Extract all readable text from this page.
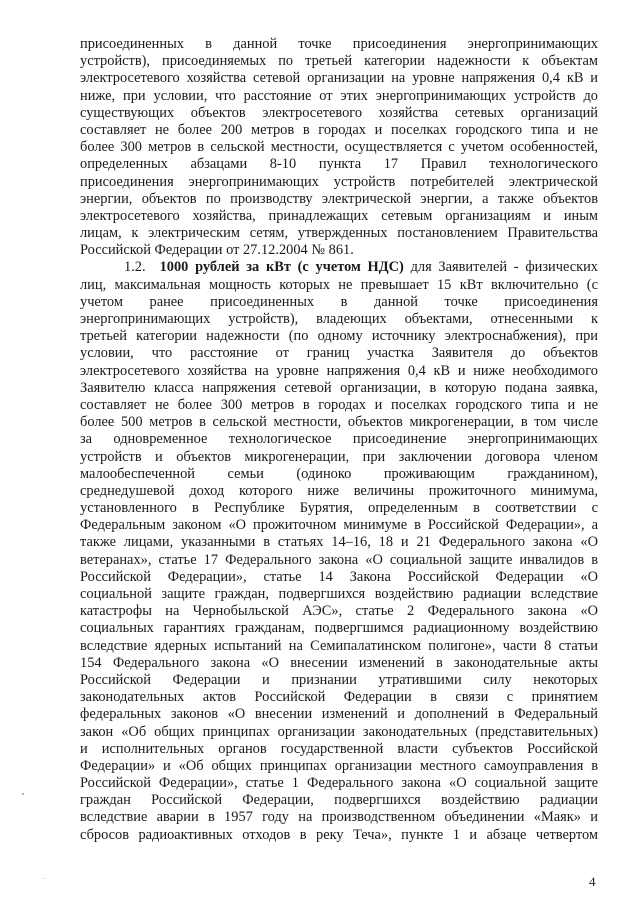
присоединенных в данной точке присоединения энергопринимающих
устройств), присоединяемых по третьей категории надежности к объектам
электросетевого хозяйства сетевой организации на уровне напряжения 0,4 кВ и
ниже, при условии, что расстояние от этих энергопринимающих устройств до
существующих объектов электросетевого хозяйства сетевых организаций
составляет не более 200 метров в городах и поселках городского типа и не
более 300 метров в сельской местности, осуществляется с учетом особенностей,
определенных абзацами 8-10 пункта 17 Правил технологического
присоединения энергопринимающих устройств потребителей электрической
энергии, объектов по производству электрической энергии, а также объектов
электросетевого хозяйства, принадлежащих сетевым организациям и иным
лицам, к электрическим сетям, утвержденных постановлением Правительства
Российской Федерации от 27.12.2004 № 861.
1.2. 1000 рублей за кВт (с учетом НДС) для Заявителей - физических
лиц, максимальная мощность которых не превышает 15 кВт включительно (с
учетом ранее присоединенных в данной точке присоединения
энергопринимающих устройств), владеющих объектами, отнесенными к
третьей категории надежности (по одному источнику электроснабжения), при
условии, что расстояние от границ участка Заявителя до объектов
электросетевого хозяйства на уровне напряжения 0,4 кВ и ниже необходимого
Заявителю класса напряжения сетевой организации, в которую подана заявка,
составляет не более 300 метров в городах и поселках городского типа и не
более 500 метров в сельской местности, объектов микрогенерации, в том числе
за одновременное технологическое присоединение энергопринимающих
устройств и объектов микрогенерации, при заключении договора членом
малообеспеченной семьи (одиноко проживающим гражданином),
среднедушевой доход которого ниже величины прожиточного минимума,
установленного в Республике Бурятия, определенным в соответствии с
Федеральным законом «О прожиточном минимуме в Российской Федерации», а
также лицами, указанными в статьях 14–16, 18 и 21 Федерального закона «О
ветеранах», статье 17 Федерального закона «О социальной защите инвалидов в
Российской Федерации», статье 14 Закона Российской Федерации «О
социальной защите граждан, подвергшихся воздействию радиации вследствие
катастрофы на Чернобыльской АЭС», статье 2 Федерального закона «О
социальных гарантиях гражданам, подвергшимся радиационному воздействию
вследствие ядерных испытаний на Семипалатинском полигоне», части 8 статьи
154 Федерального закона «О внесении изменений в законодательные акты
Российской Федерации и признании утратившими силу некоторых
законодательных актов Российской Федерации в связи с принятием
федеральных законов «О внесении изменений и дополнений в Федеральный
закон «Об общих принципах организации законодательных (представительных)
и исполнительных органов государственной власти субъектов Российской
Федерации» и «Об общих принципах организации местного самоуправления в
Российской Федерации», статье 1 Федерального закона «О социальной защите
граждан Российской Федерации, подвергшихся воздействию радиации
вследствие аварии в 1957 году на производственном объединении «Маяк» и
сбросов радиоактивных отходов в реку Теча», пункте 1 и абзаце четвертом
4
